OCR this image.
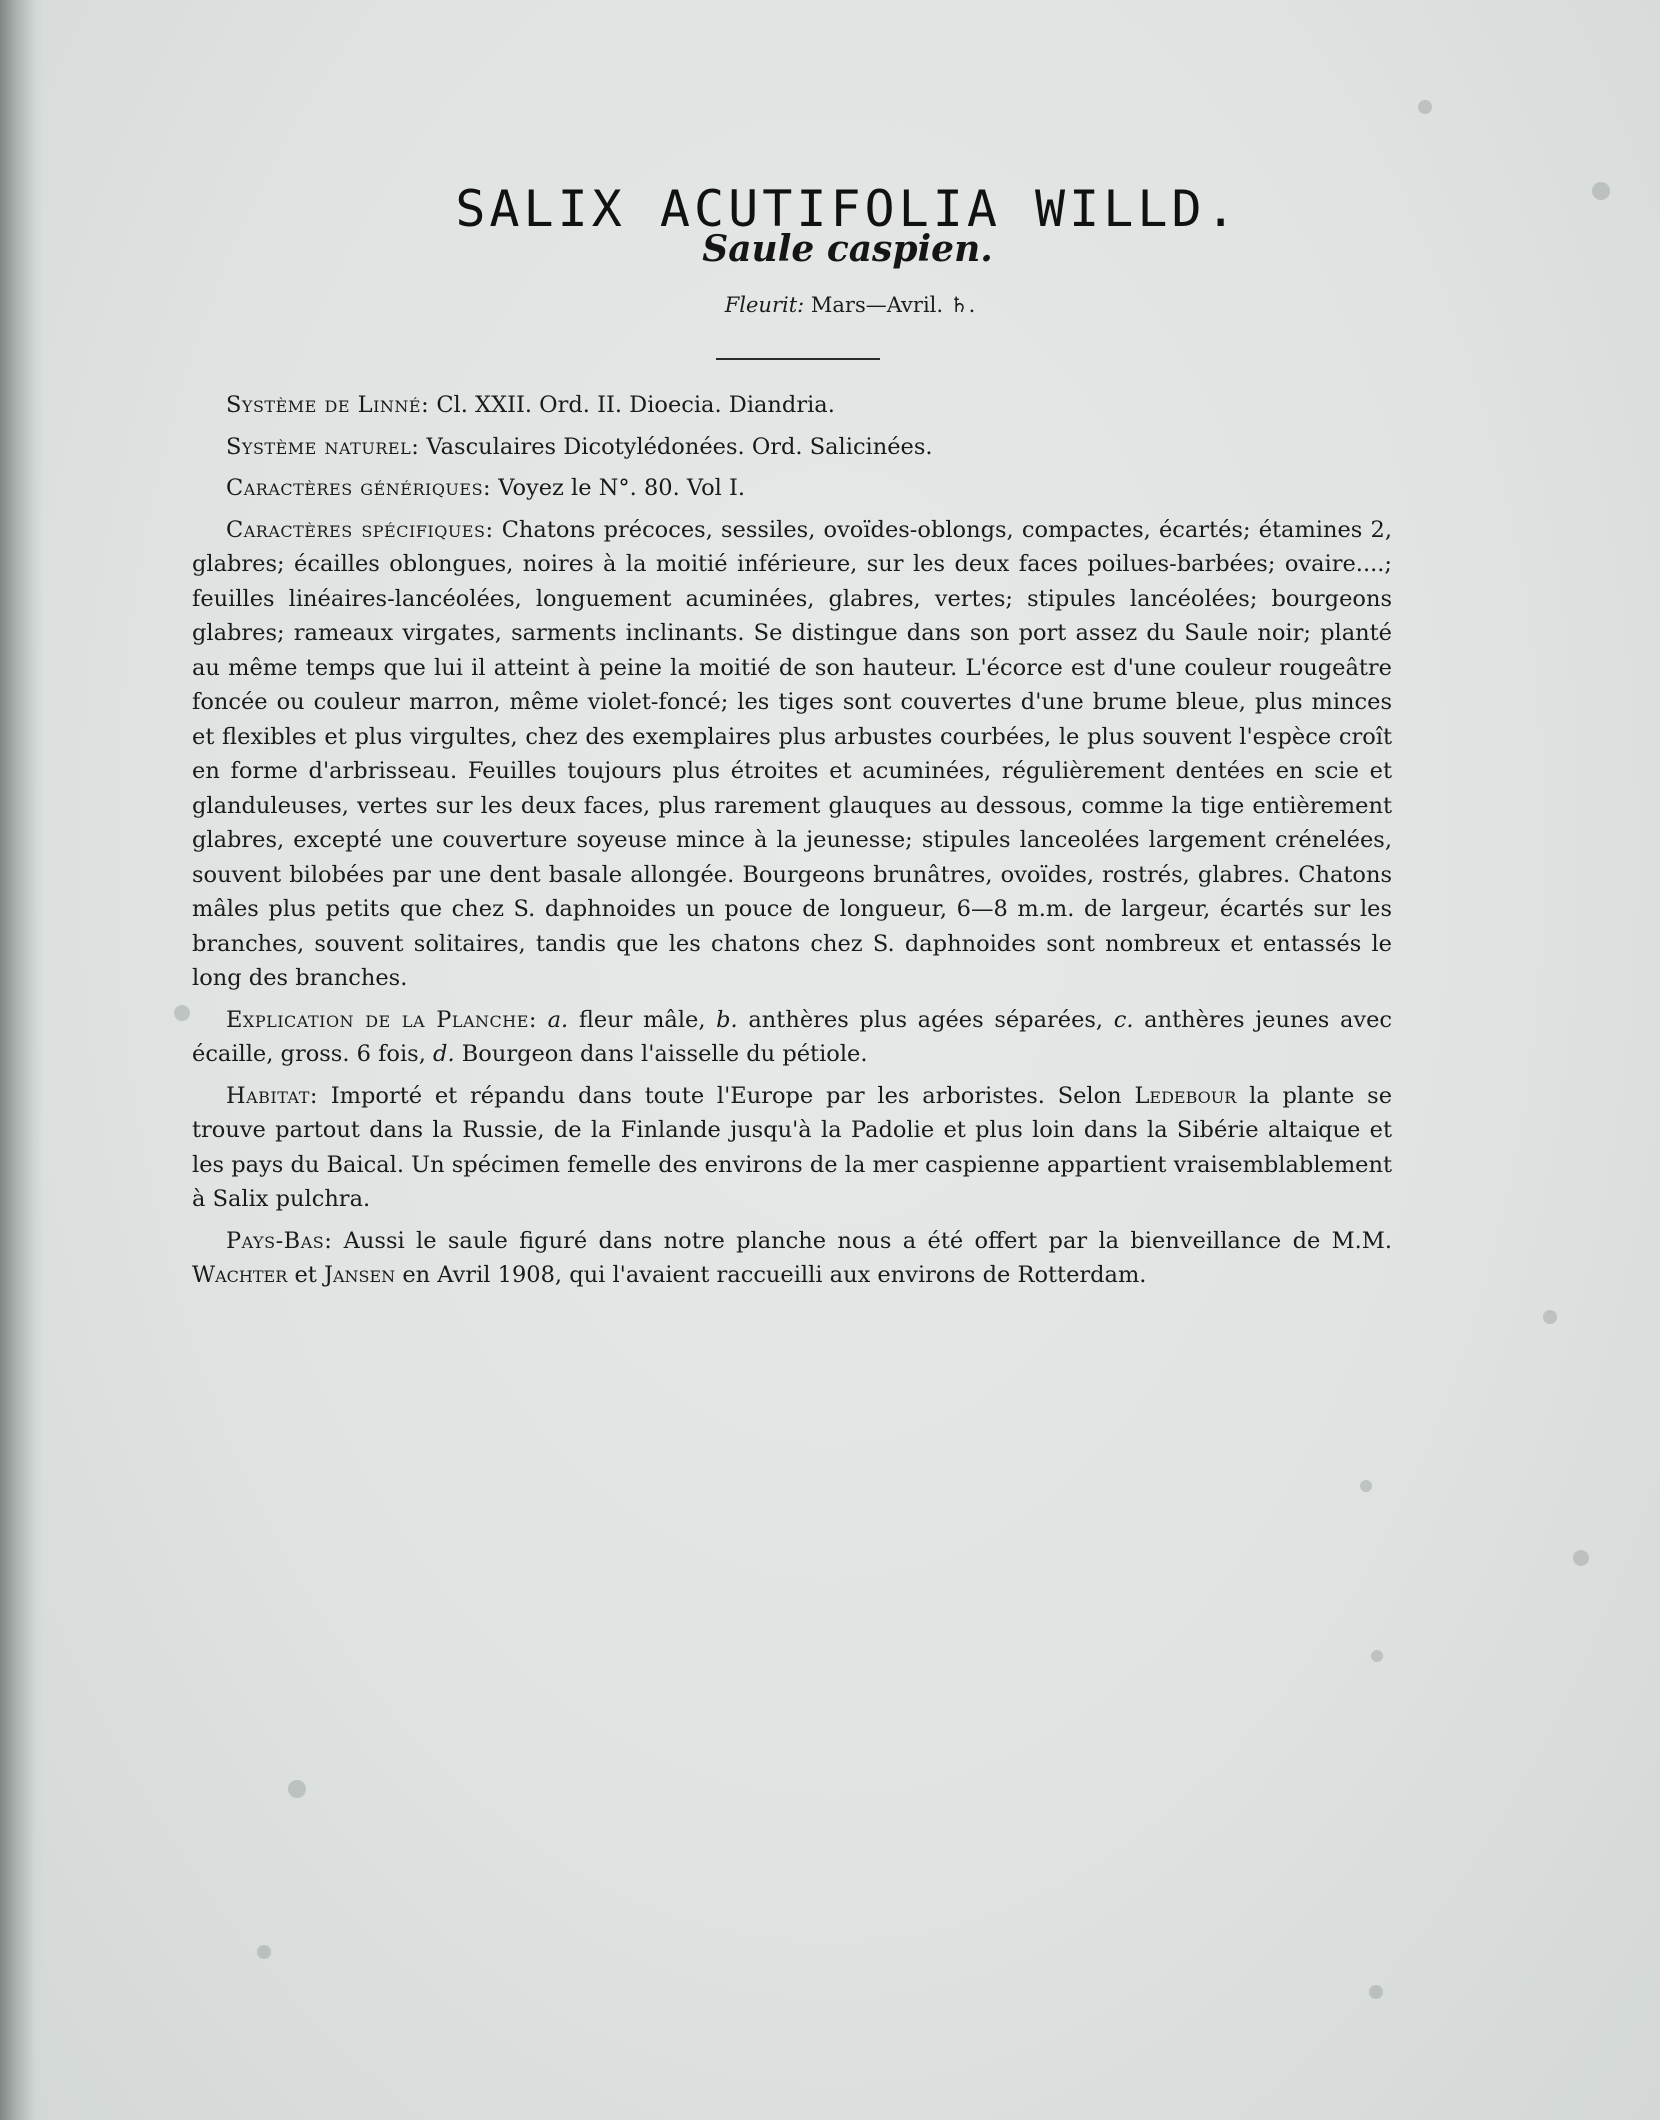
SALIX ACUTIFOLIA WILLD.
Saule caspien.
Fleurit: Mars—Avril. ♄.

Système de Linné: Cl. XXII. Ord. II. Dioecia. Diandria.

Système naturel: Vasculaires Dicotylédonées. Ord. Salicinées.

Caractères génériques: Voyez le N°. 80. Vol I.

Caractères spécifiques: Chatons précoces, sessiles, ovoïdes-oblongs, compactes, écartés; étamines 2, glabres; écailles oblongues, noires à la moitié inférieure, sur les deux faces poilues-barbées; ovaire....; feuilles linéaires-lancéolées, longuement acuminées, glabres, vertes; stipules lancéolées; bourgeons glabres; rameaux virgates, sarments inclinants. Se distingue dans son port assez du Saule noir; planté au même temps que lui il atteint à peine la moitié de son hauteur. L'écorce est d'une couleur rougeâtre foncée ou couleur marron, même violet-foncé; les tiges sont couvertes d'une brume bleue, plus minces et flexibles et plus virgultes, chez des exemplaires plus arbustes courbées, le plus souvent l'espèce croît en forme d'arbrisseau. Feuilles toujours plus étroites et acuminées, régulièrement dentées en scie et glanduleuses, vertes sur les deux faces, plus rarement glauques au dessous, comme la tige entièrement glabres, excepté une couverture soyeuse mince à la jeunesse; stipules lanceolées largement crénelées, souvent bilobées par une dent basale allongée. Bourgeons brunâtres, ovoïdes, rostrés, glabres. Chatons mâles plus petits que chez S. daphnoides un pouce de longueur, 6—8 m.m. de largeur, écartés sur les branches, souvent solitaires, tandis que les chatons chez S. daphnoides sont nombreux et entassés le long des branches.

Explication de la Planche: a. fleur mâle, b. anthères plus agées séparées, c. anthères jeunes avec écaille, gross. 6 fois, d. Bourgeon dans l'aisselle du pétiole.

Habitat: Importé et répandu dans toute l'Europe par les arboristes. Selon Ledebour la plante se trouve partout dans la Russie, de la Finlande jusqu'à la Padolie et plus loin dans la Sibérie altaique et les pays du Baical. Un spécimen femelle des environs de la mer caspienne appartient vraisemblablement à Salix pulchra.

Pays-Bas: Aussi le saule figuré dans notre planche nous a été offert par la bienveillance de M.M. Wachter et Jansen en Avril 1908, qui l'avaient raccueilli aux environs de Rotterdam.
